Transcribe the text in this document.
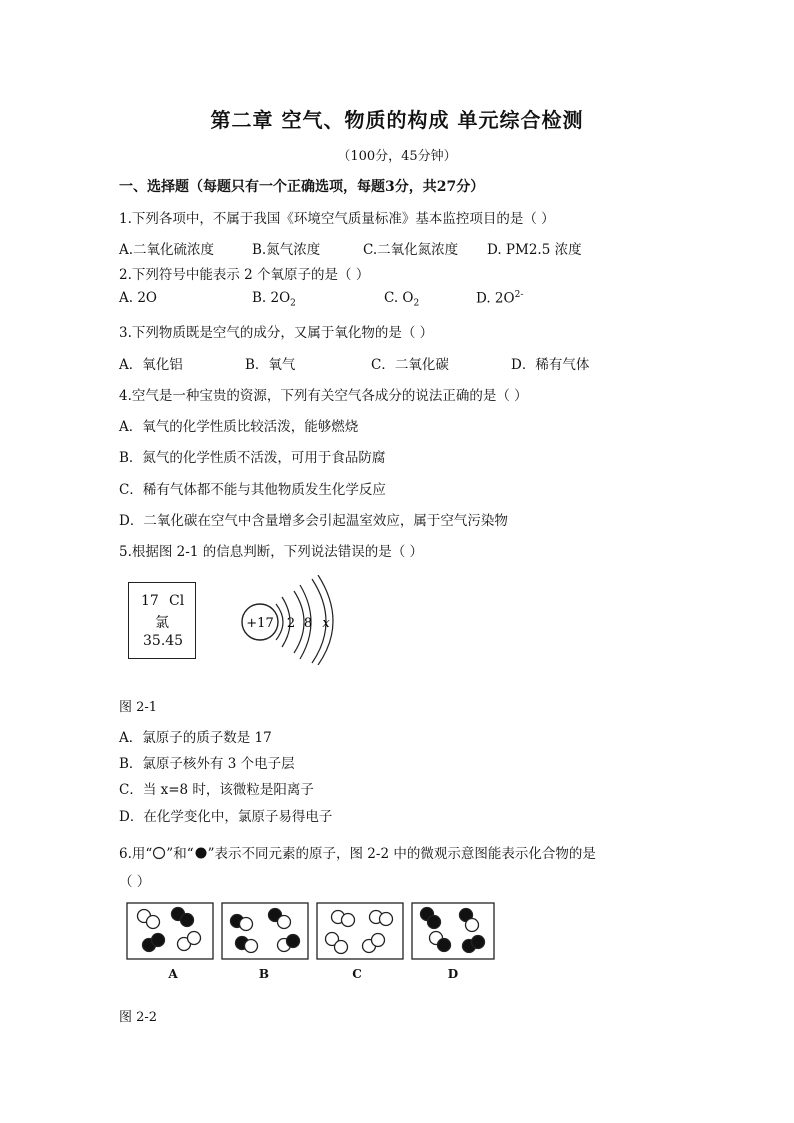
第二章 空气、物质的构成 单元综合检测
（100分，45分钟）
一、选择题（每题只有一个正确选项，每题3分，共27分）
1.下列各项中，不属于我国《环境空气质量标准》基本监控项目的是（ ）
A.二氧化硫浓度	B.氮气浓度	C.二氧化氮浓度 D. PM2.5 浓度
2.下列符号中能表示 2 个氧原子的是（ ）
A. 2O	B. $2O_2$	C. $O_2$	D. $2O^{2-}$
3.下列物质既是空气的成分，又属于氧化物的是（ ）
A．氧化铝	B．氧气	C．二氧化碳	D．稀有气体
4.空气是一种宝贵的资源，下列有关空气各成分的说法正确的是（ ）
A．氧气的化学性质比较活泼，能够燃烧
B．氮气的化学性质不活泼，可用于食品防腐
C．稀有气体都不能与其他物质发生化学反应
D．二氧化碳在空气中含量增多会引起温室效应，属于空气污染物
5.根据图 2-1 的信息判断，下列说法错误的是（ ）
17 Cl
氯
35.45
+17 2 8 x
图 2-1
A．氯原子的质子数是 17
B．氯原子核外有 3 个电子层
C．当 x=8 时，该微粒是阳离子
D．在化学变化中，氯原子易得电子
6.用“ ”和“ ”表示不同元素的原子，图 2-2 中的微观示意图能表示化合物的是
（ ）
A	B	C	D
图 2-2
